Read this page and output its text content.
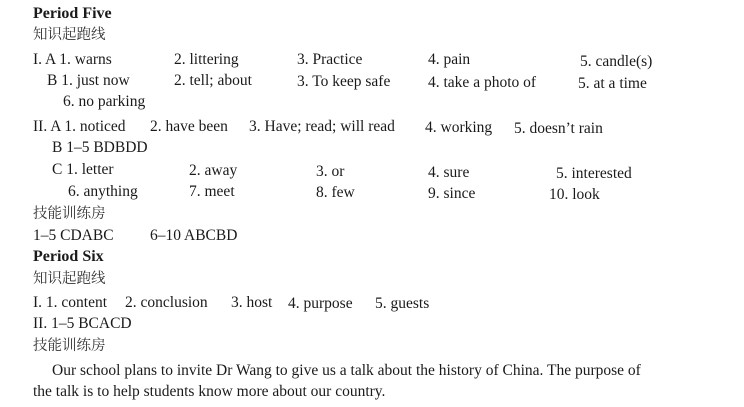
Period Five
知识起跑线
I. A 1. warns	2. littering	3. Practice	4. pain	5. candle(s)
B 1. just now	2. tell; about	3. To keep safe 4. take a photo of	5. at a time
6. no parking
II. A 1. noticed 2. have been 3. Have; read; will read 4. working 5. doesn’t rain
B 1–5 BDBDD
C 1. letter	2. away	3. or	4. sure	5. interested
6. anything	7. meet	8. few	9. since	10. look
技能训练房
1–5 CDABC 6–10 ABCBD
Period Six
知识起跑线
I. 1. content 2. conclusion 3. host 4. purpose 5. guests
II. 1–5 BCACD
技能训练房
Our school plans to invite Dr Wang to give us a talk about the history of China. The purpose of
the talk is to help students know more about our country.
